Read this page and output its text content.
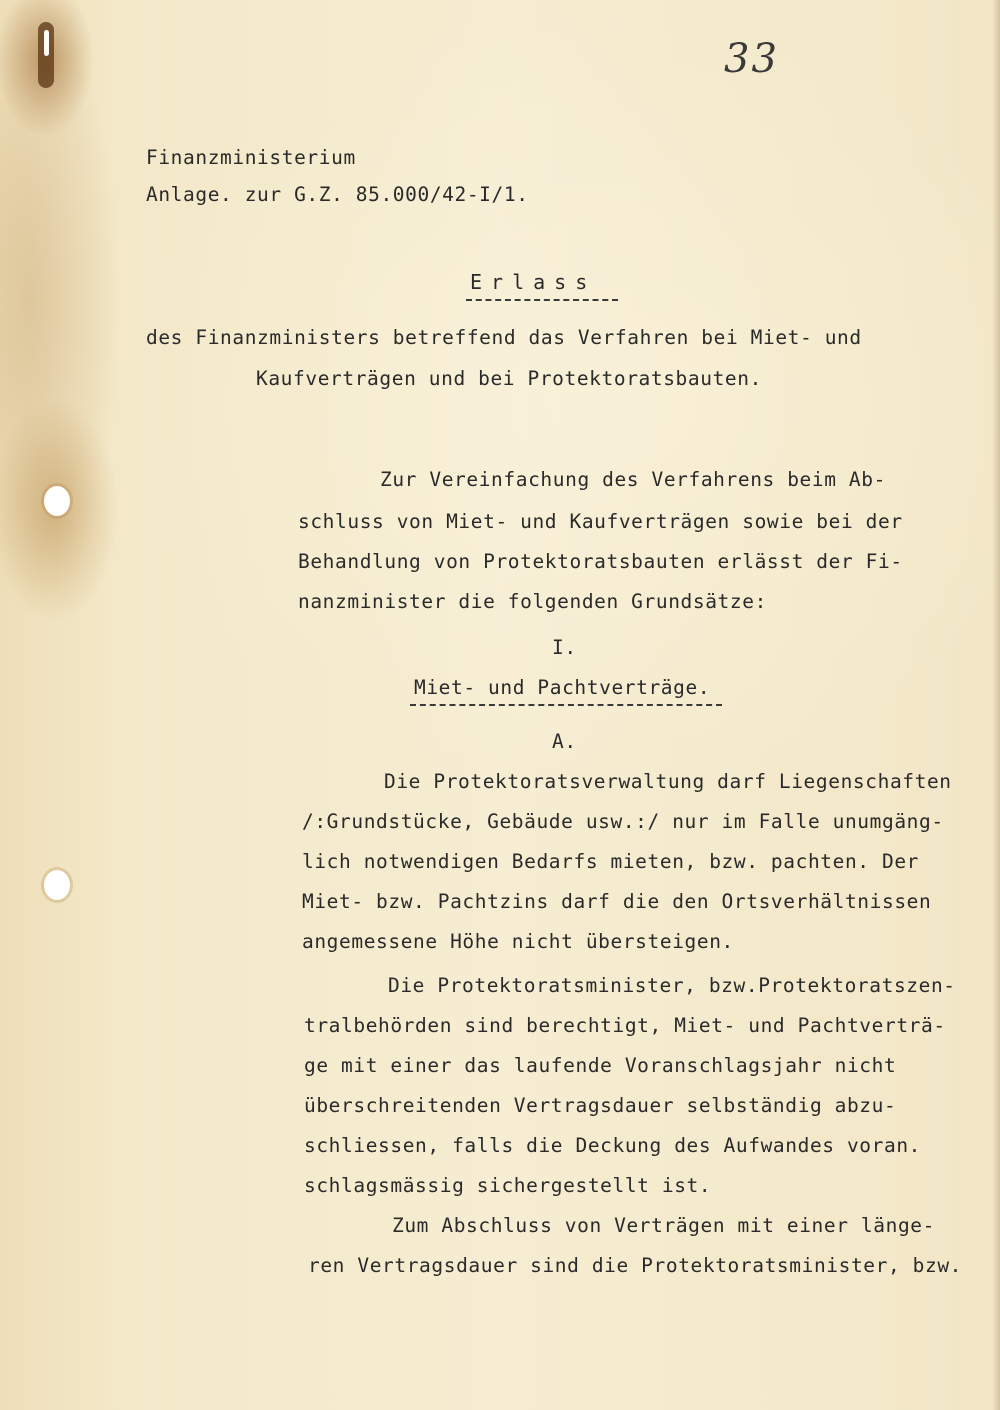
33
Finanzministerium
Anlage. zur G.Z. 85.000/42-I/1.
Erlass
des Finanzministers betreffend das Verfahren bei Miet- und
Kaufverträgen und bei Protektoratsbauten.
Zur Vereinfachung des Verfahrens beim Ab-
schluss von Miet- und Kaufverträgen sowie bei der
Behandlung von Protektoratsbauten erlässt der Fi-
nanzminister die folgenden Grundsätze:
I.
Miet- und Pachtverträge.
A.
Die Protektoratsverwaltung darf Liegenschaften
/:Grundstücke, Gebäude usw.:/ nur im Falle unumgäng-
lich notwendigen Bedarfs mieten, bzw. pachten. Der
Miet- bzw. Pachtzins darf die den Ortsverhältnissen
angemessene Höhe nicht übersteigen.
Die Protektoratsminister, bzw.Protektoratszen-
tralbehörden sind berechtigt, Miet- und Pachtverträ-
ge mit einer das laufende Voranschlagsjahr nicht
überschreitenden Vertragsdauer selbständig abzu-
schliessen, falls die Deckung des Aufwandes voran.
schlagsmässig sichergestellt ist.
Zum Abschluss von Verträgen mit einer länge-
ren Vertragsdauer sind die Protektoratsminister, bzw.
